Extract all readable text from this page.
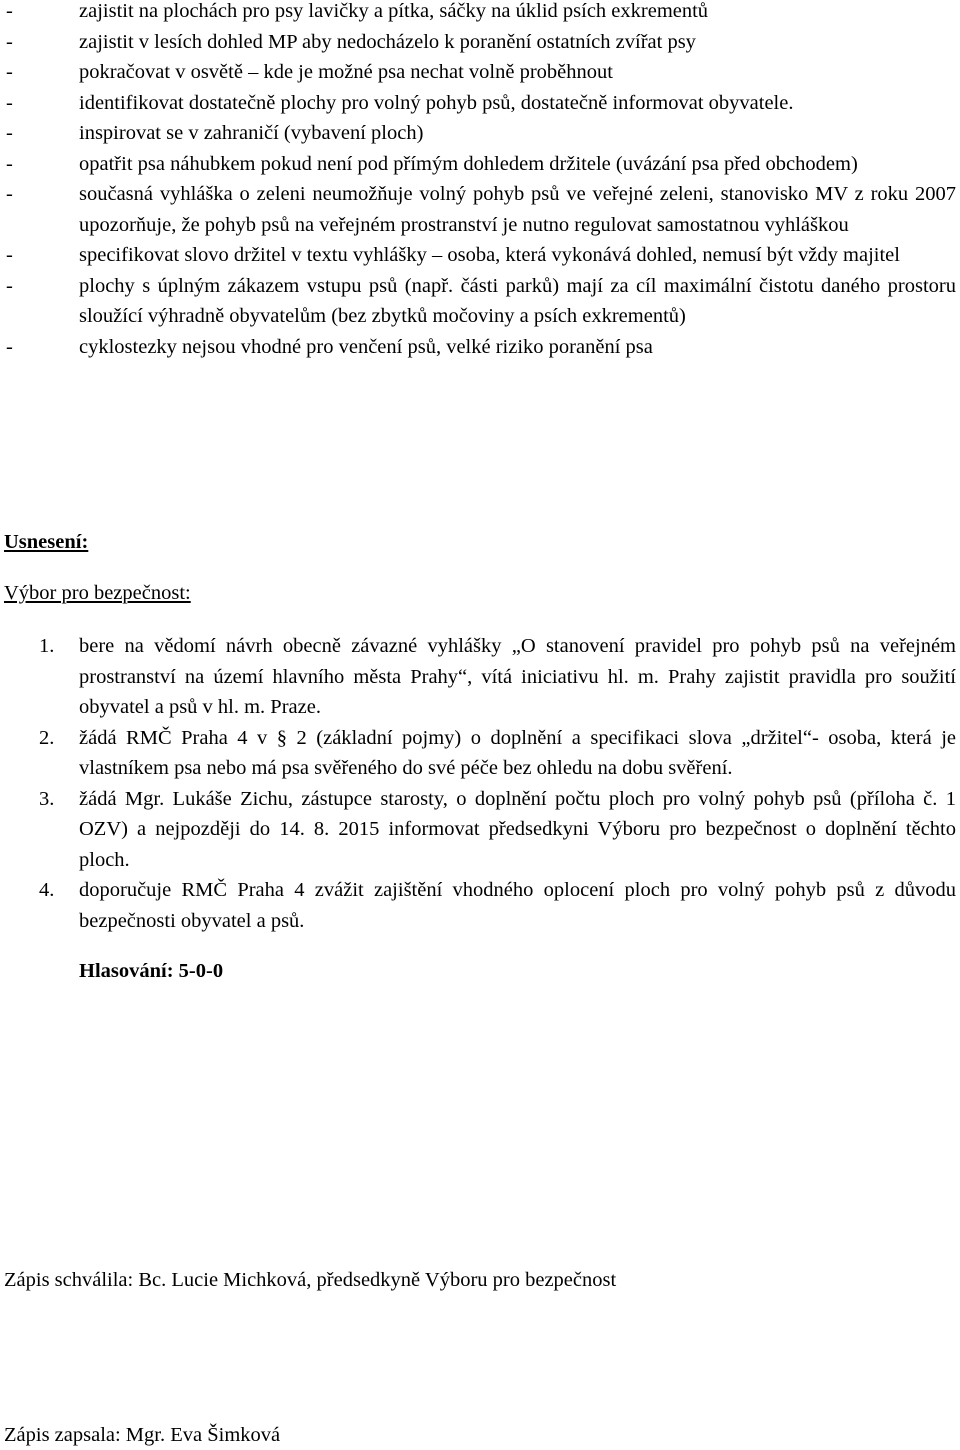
-	zajistit na plochách pro psy lavičky a pítka, sáčky na úklid psích exkrementů
-	zajistit v lesích dohled MP aby nedocházelo k poranění ostatních zvířat psy
-	pokračovat v osvětě – kde je možné psa nechat volně proběhnout
-	identifikovat dostatečně plochy pro volný pohyb psů, dostatečně informovat obyvatele.
-	inspirovat se v zahraničí (vybavení ploch)
-	opatřit psa náhubkem pokud není pod přímým dohledem držitele (uvázání psa před obchodem)
-	současná vyhláška o zeleni neumožňuje volný pohyb psů ve veřejné zeleni, stanovisko MV z roku 2007 upozorňuje, že pohyb psů na veřejném prostranství je nutno regulovat samostatnou vyhláškou
-	specifikovat slovo držitel v textu vyhlášky – osoba, která vykonává dohled, nemusí být vždy majitel
-	plochy s úplným zákazem vstupu psů (např. části parků) mají za cíl maximální čistotu daného prostoru sloužící výhradně obyvatelům (bez zbytků močoviny a psích exkrementů)
-	cyklostezky nejsou vhodné pro venčení psů, velké riziko poranění psa
Usnesení:
Výbor pro bezpečnost:
1.	bere na vědomí návrh obecně závazné vyhlášky „O stanovení pravidel pro pohyb psů na veřejném prostranství na území hlavního města Prahy“, vítá iniciativu hl. m. Prahy zajistit pravidla pro soužití obyvatel a psů v hl. m. Praze.
2.	žádá RMČ Praha 4 v § 2 (základní pojmy) o doplnění a specifikaci slova „držitel“- osoba, která je vlastníkem psa nebo má psa svěřeného do své péče bez ohledu na dobu svěření.
3.	žádá Mgr. Lukáše Zichu, zástupce starosty, o doplnění počtu ploch pro volný pohyb psů (příloha č. 1 OZV) a nejpozději do 14. 8. 2015 informovat předsedkyni Výboru pro bezpečnost o doplnění těchto ploch.
4.	doporučuje RMČ Praha 4 zvážit zajištění vhodného oplocení ploch pro volný pohyb psů z důvodu bezpečnosti obyvatel a psů.
Hlasování: 5-0-0
Zápis schválila: Bc. Lucie Michková, předsedkyně Výboru pro bezpečnost
Zápis zapsala: Mgr. Eva Šimková
